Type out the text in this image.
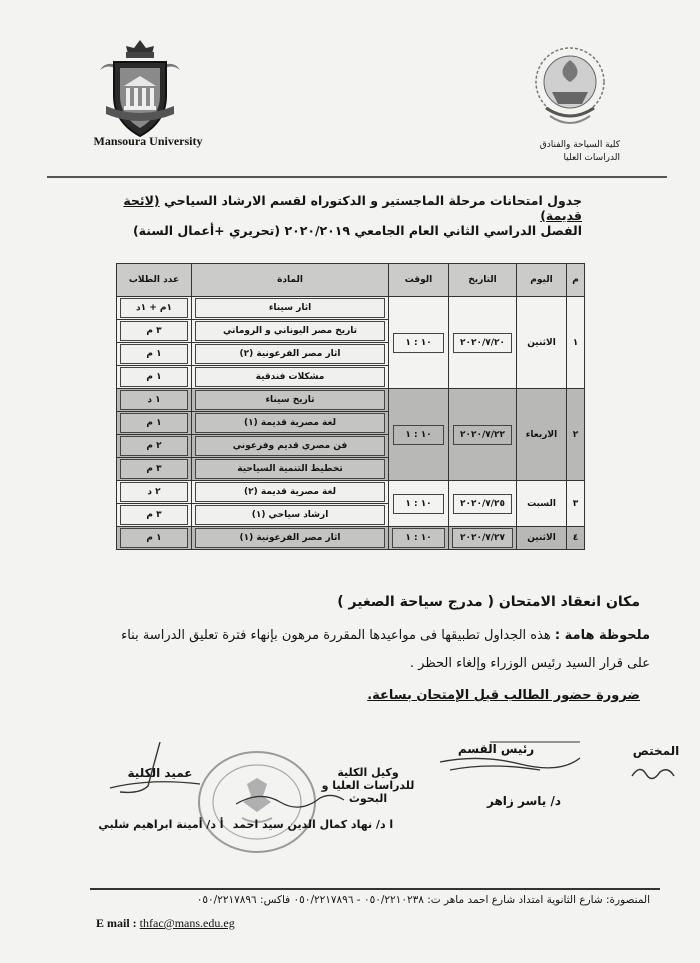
Mansoura University	كلية السياحة والفنادق
الدراسات العليا
جدول امتحانات مرحلة الماجستير و الدكتوراه لقسم الارشاد السياحي (لائحة قديمة)
الفصل الدراسي الثاني العام الجامعي ٢٠٢٠/٢٠١٩ (تحريري +أعمال السنة)
م	اليوم	التاريخ	الوقت	المادة	عدد الطلاب
١	الاثنين	٢٠٢٠/٧/٢٠	١٠ : ١	اثار سيناء	١م + ١د

				تاريخ مصر اليوناني و الروماني	٣ م

				اثار مصر الفرعونية (٢)	١ م

				مشكلات فندقية	١ م

٢	الاربعاء	٢٠٢٠/٧/٢٢	١٠ : ١	تاريخ سيناء	١ د

				لغة مصرية قديمة (١)	١ م

				فن مصري قديم وفرعوني	٢ م

				تخطيط التنمية السياحية	٣ م

٣	السبت	٢٠٢٠/٧/٢٥	١٠ : ١	لغة مصرية قديمة (٢)	٢ د

				ارشاد سياحي (١)	٣ م

٤	الاثنين	٢٠٢٠/٧/٢٧	١٠ : ١	اثار مصر الفرعونية (١)	١ م
مكان انعقاد الامتحان ( مدرج سياحة الصغير )
ملحوظة هامة : هذه الجداول تطبيقها فى مواعيدها المقررة مرهون بإنهاء فترة تعليق الدراسة بناء
على قرار السيد رئيس الوزراء وإلغاء الحظر .
ضرورة حضور الطالب قبل الإمتحان بساعة.
المختص
رئيس القسم
د/ ياسر زاهر
وكيل الكلية للدراسات العليا و البحوث
عميد الكلية
ا د/ نهاد كمال الدين سيد احمد
أ د/ أمينة ابراهيم شلبي
المنصورة: شارع الثانوية امتداد شارع احمد ماهر ت: ٠٥٠/٢٢١٠٢٣٨ - ٠٥٠/٢٢١٧٨٩٦ فاكس: ٠٥٠/٢٢١٧٨٩٦
E mail : thfac@mans.edu.eg
